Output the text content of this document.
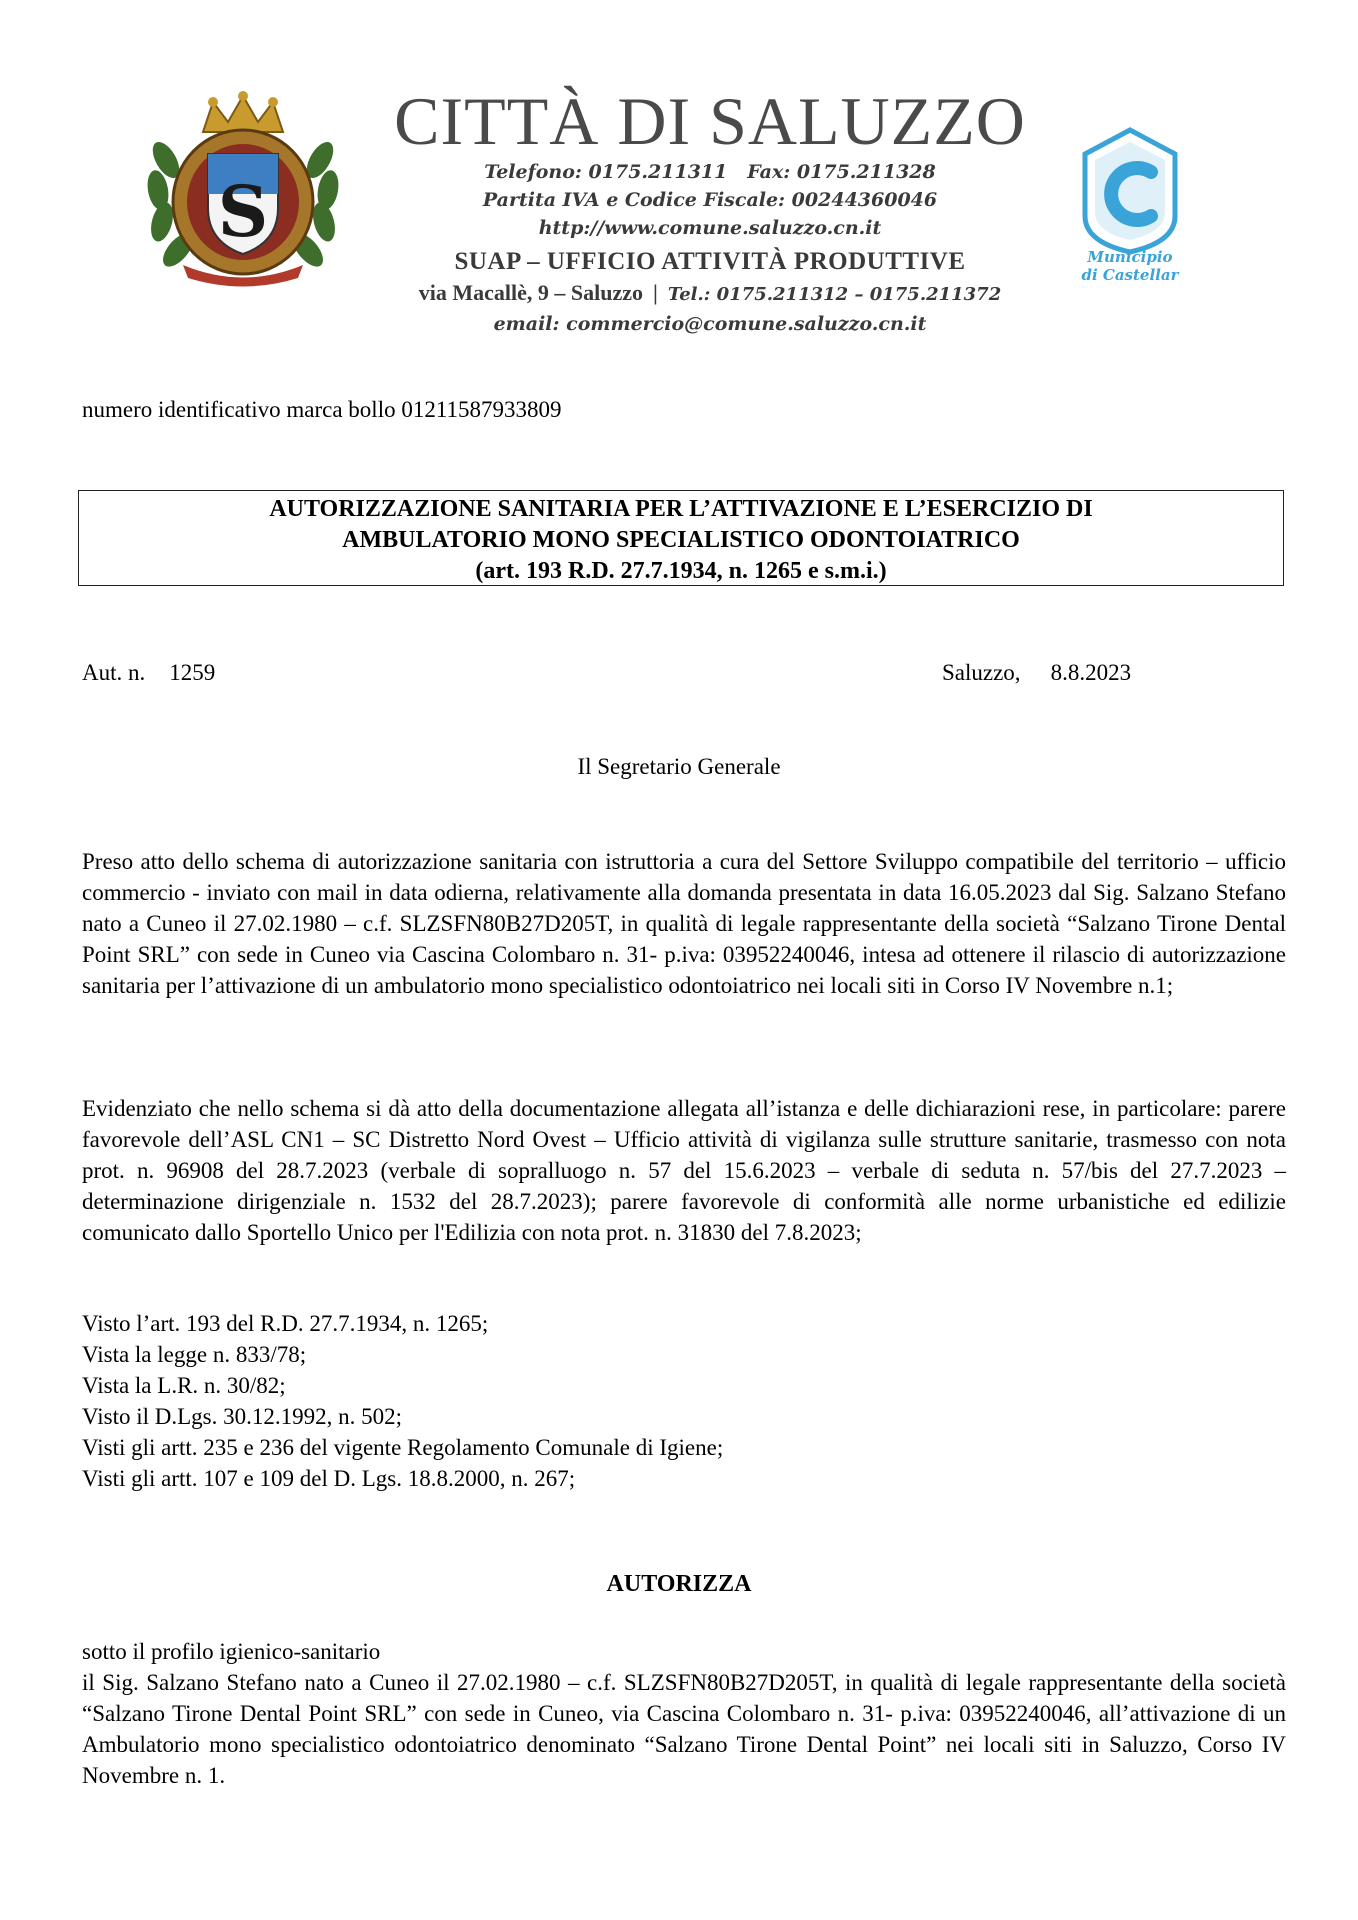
S
CITTÀ DI SALUZZO

Telefono: 0175.211311   Fax: 0175.211328

Partita IVA e Codice Fiscale: 00244360046

http://www.comune.saluzzo.cn.it

SUAP – UFFICIO ATTIVITÀ PRODUTTIVE

via Macallè, 9 – Saluzzo | Tel.: 0175.211312 – 0175.211372

email: commercio@comune.saluzzo.cn.it

Municipio
di Castellar

numero identificativo marca bollo 01211587933809

AUTORIZZAZIONE SANITARIA PER L’ATTIVAZIONE E L’ESERCIZIO DI

AMBULATORIO MONO SPECIALISTICO ODONTOIATRICO

(art. 193 R.D. 27.7.1934, n. 1265 e s.m.i.)

Aut. n. 1259	Saluzzo, 8.8.2023

Il Segretario Generale

Preso atto dello schema di autorizzazione sanitaria con istruttoria a cura del Settore Sviluppo compatibile del territorio – ufficio commercio - inviato con mail in data odierna, relativamente alla domanda presentata in data 16.05.2023 dal Sig. Salzano Stefano nato a Cuneo il 27.02.1980 – c.f. SLZSFN80B27D205T, in qualità di legale rappresentante della società “Salzano Tirone Dental Point SRL” con sede in Cuneo via Cascina Colombaro n. 31- p.iva: 03952240046, intesa ad ottenere il rilascio di autorizzazione sanitaria per l’attivazione di un ambulatorio mono specialistico odontoiatrico nei locali siti in Corso IV Novembre n.1;

Evidenziato che nello schema si dà atto della documentazione allegata all’istanza e delle dichiarazioni rese, in particolare: parere favorevole dell’ASL CN1 – SC Distretto Nord Ovest – Ufficio attività di vigilanza sulle strutture sanitarie, trasmesso con nota prot. n. 96908 del 28.7.2023 (verbale di sopralluogo n. 57 del 15.6.2023 – verbale di seduta n. 57/bis del 27.7.2023 – determinazione dirigenziale n. 1532 del 28.7.2023); parere favorevole di conformità alle norme urbanistiche ed edilizie comunicato dallo Sportello Unico per l'Edilizia con nota prot. n. 31830 del 7.8.2023;

Visto l’art. 193 del R.D. 27.7.1934, n. 1265;

Vista la legge n. 833/78;

Vista la L.R. n. 30/82;

Visto il D.Lgs. 30.12.1992, n. 502;

Visti gli artt. 235 e 236 del vigente Regolamento Comunale di Igiene;

Visti gli artt. 107 e 109 del D. Lgs. 18.8.2000, n. 267;

AUTORIZZA

sotto il profilo igienico-sanitario

il Sig. Salzano Stefano nato a Cuneo il 27.02.1980 – c.f. SLZSFN80B27D205T, in qualità di legale rappresentante della società “Salzano Tirone Dental Point SRL” con sede in Cuneo, via Cascina Colombaro n. 31- p.iva: 03952240046, all’attivazione di un Ambulatorio mono specialistico odontoiatrico denominato “Salzano Tirone Dental Point” nei locali siti in Saluzzo, Corso IV Novembre n. 1.
